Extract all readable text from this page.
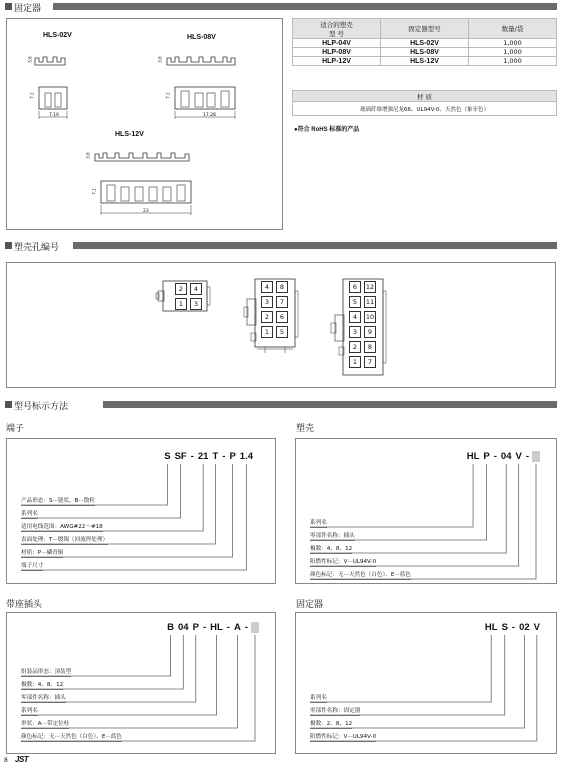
固定器
HLS-02V	HLS-08V
HLS-12V
3.6
7.16
7.1
3.6
17.28
7.1
3.6
23
7.1
适合的塑壳
型 号	固定器型号	数量/袋
HLP-04V	HLS-02V	1,000
HLP-08V	HLS-08V	1,000
HLP-12V	HLS-12V	1,000
材 质
玻璃纤维增强尼龙66、UL94V-0、天然色（象牙色）
●符合 RoHS 标准的产品
塑壳孔编号
2	4
1	3
4	8
3	7
2	6
1	5
6	12
5	11
4	10
3	9
2	8
1	7
型号标示方法
端子
S SF - 21 T - P 1.4
产品形态：S···链状、B···散粒
系列名
适用电线范围：AWG#22～#18
表面处理：T···镀锡（回流焊处理）
材质：P···磷青铜
端子尺寸
塑壳
HL P - 04 V -
系列名
零部件名称：插头
极数：4、8、12
阻燃性标记：V···UL94V-0
颜色标记：无···天然色（白色）、E···蓝色
带座插头
B 04 P - HL - A -
组装品形态：顶装型
极数：4、8、12
零部件名称：插头
系列名
形状：A···带定位柱
颜色标记：无···天然色（白色）、E···蓝色
固定器
HL S - 02 V
系列名
零部件名称：固定器
极数：2、8、12
阻燃性标记：V···UL94V-0
8 JST
